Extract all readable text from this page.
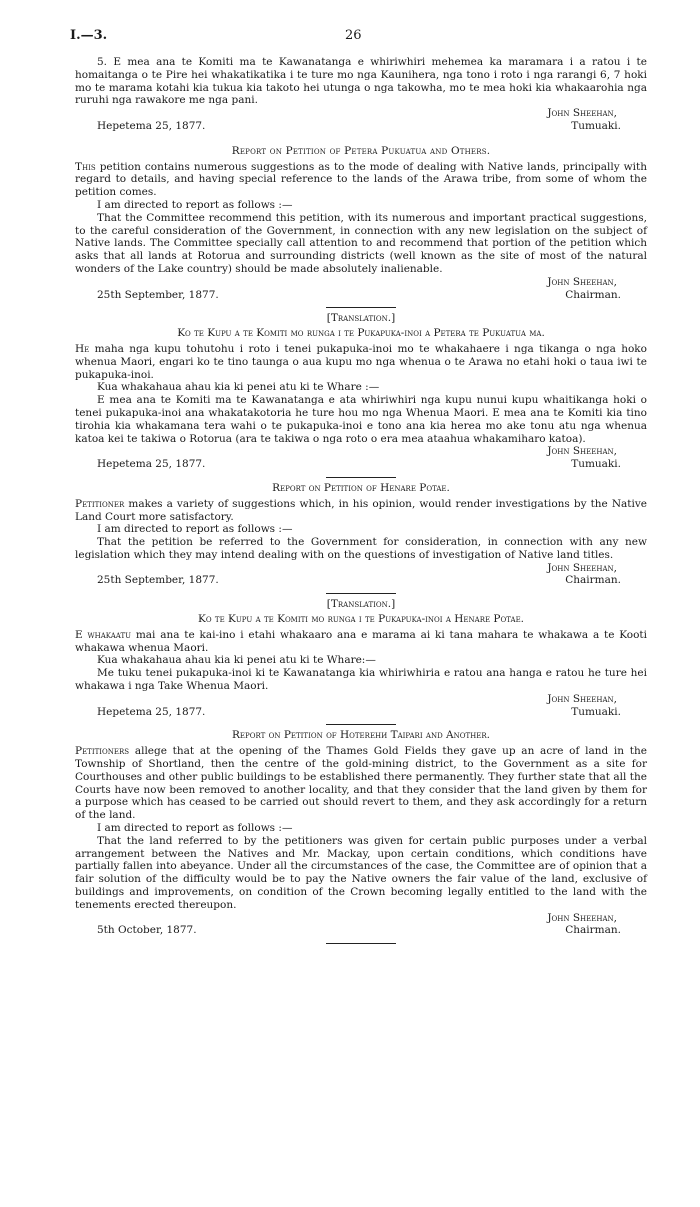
I.—3.	26

5. E mea ana te Komiti ma te Kawanatanga e whiriwhiri mehemea ka maramara i a ratou i te homaitanga o te Pire hei whakatikatika i te ture mo nga Kaunihera, nga tono i roto i nga rarangi 6, 7 hoki mo te marama kotahi kia tukua kia takoto hei utunga o nga takowha, mo te mea hoki kia whakaarohia nga ruruhi nga rawakore me nga pani.

John Sheehan,

Hepetema 25, 1877.	Tumuaki.
Report on Petition of Petera Pukuatua and Others.

This petition contains numerous suggestions as to the mode of dealing with Native lands, principally with regard to details, and having special reference to the lands of the Arawa tribe, from some of whom the petition comes.

I am directed to report as follows :—

That the Committee recommend this petition, with its numerous and important practical suggestions, to the careful consideration of the Government, in connection with any new legislation on the subject of Native lands. The Committee specially call attention to and recommend that portion of the petition which asks that all lands at Rotorua and surrounding districts (well known as the site of most of the natural wonders of the Lake country) should be made absolutely inalienable.

John Sheehan,

25th September, 1877.	Chairman.
[Translation.]
Ko te Kupu a te Komiti mo runga i te Pukapuka-inoi a Petera te Pukuatua ma.

He maha nga kupu tohutohu i roto i tenei pukapuka-inoi mo te whakahaere i nga tikanga o nga hoko whenua Maori, engari ko te tino taunga o aua kupu mo nga whenua o te Arawa no etahi hoki o taua iwi te pukapuka-inoi.

Kua whakahaua ahau kia ki penei atu ki te Whare :—

E mea ana te Komiti ma te Kawanatanga e ata whiriwhiri nga kupu nunui kupu whaitikanga hoki o tenei pukapuka-inoi ana whakatakotoria he ture hou mo nga Whenua Maori. E mea ana te Komiti kia tino tirohia kia whakamana tera wahi o te pukapuka-inoi e tono ana kia herea mo ake tonu atu nga whenua katoa kei te takiwa o Rotorua (ara te takiwa o nga roto o era mea ataahua whakamiharo katoa).

John Sheehan,

Hepetema 25, 1877.	Tumuaki.
Report on Petition of Henare Potae.

Petitioner makes a variety of suggestions which, in his opinion, would render investigations by the Native Land Court more satisfactory.

I am directed to report as follows :—

That the petition be referred to the Government for consideration, in connection with any new legislation which they may intend dealing with on the questions of investigation of Native land titles.

John Sheehan,

25th September, 1877.	Chairman.
[Translation.]
Ko te Kupu a te Komiti mo runga i te Pukapuka-inoi a Henare Potae.

E whakaatu mai ana te kai-ino i etahi whakaaro ana e marama ai ki tana mahara te whakawa a te Kooti whakawa whenua Maori.

Kua whakahaua ahau kia ki penei atu ki te Whare:—

Me tuku tenei pukapuka-inoi ki te Kawanatanga kia whiriwhiria e ratou ana hanga e ratou he ture hei whakawa i nga Take Whenua Maori.

John Sheehan,

Hepetema 25, 1877.	Tumuaki.
Report on Petition of Hoterени Taipari and Another.

Petitioners allege that at the opening of the Thames Gold Fields they gave up an acre of land in the Township of Shortland, then the centre of the gold-mining district, to the Government as a site for Courthouses and other public buildings to be established there permanently. They further state that all the Courts have now been removed to another locality, and that they consider that the land given by them for a purpose which has ceased to be carried out should revert to them, and they ask accordingly for a return of the land.

I am directed to report as follows :—

That the land referred to by the petitioners was given for certain public purposes under a verbal arrangement between the Natives and Mr. Mackay, upon certain conditions, which conditions have partially fallen into abeyance. Under all the circumstances of the case, the Committee are of opinion that a fair solution of the difficulty would be to pay the Native owners the fair value of the land, exclusive of buildings and improvements, on condition of the Crown becoming legally entitled to the land with the tenements erected thereupon.

John Sheehan,

5th October, 1877.	Chairman.
